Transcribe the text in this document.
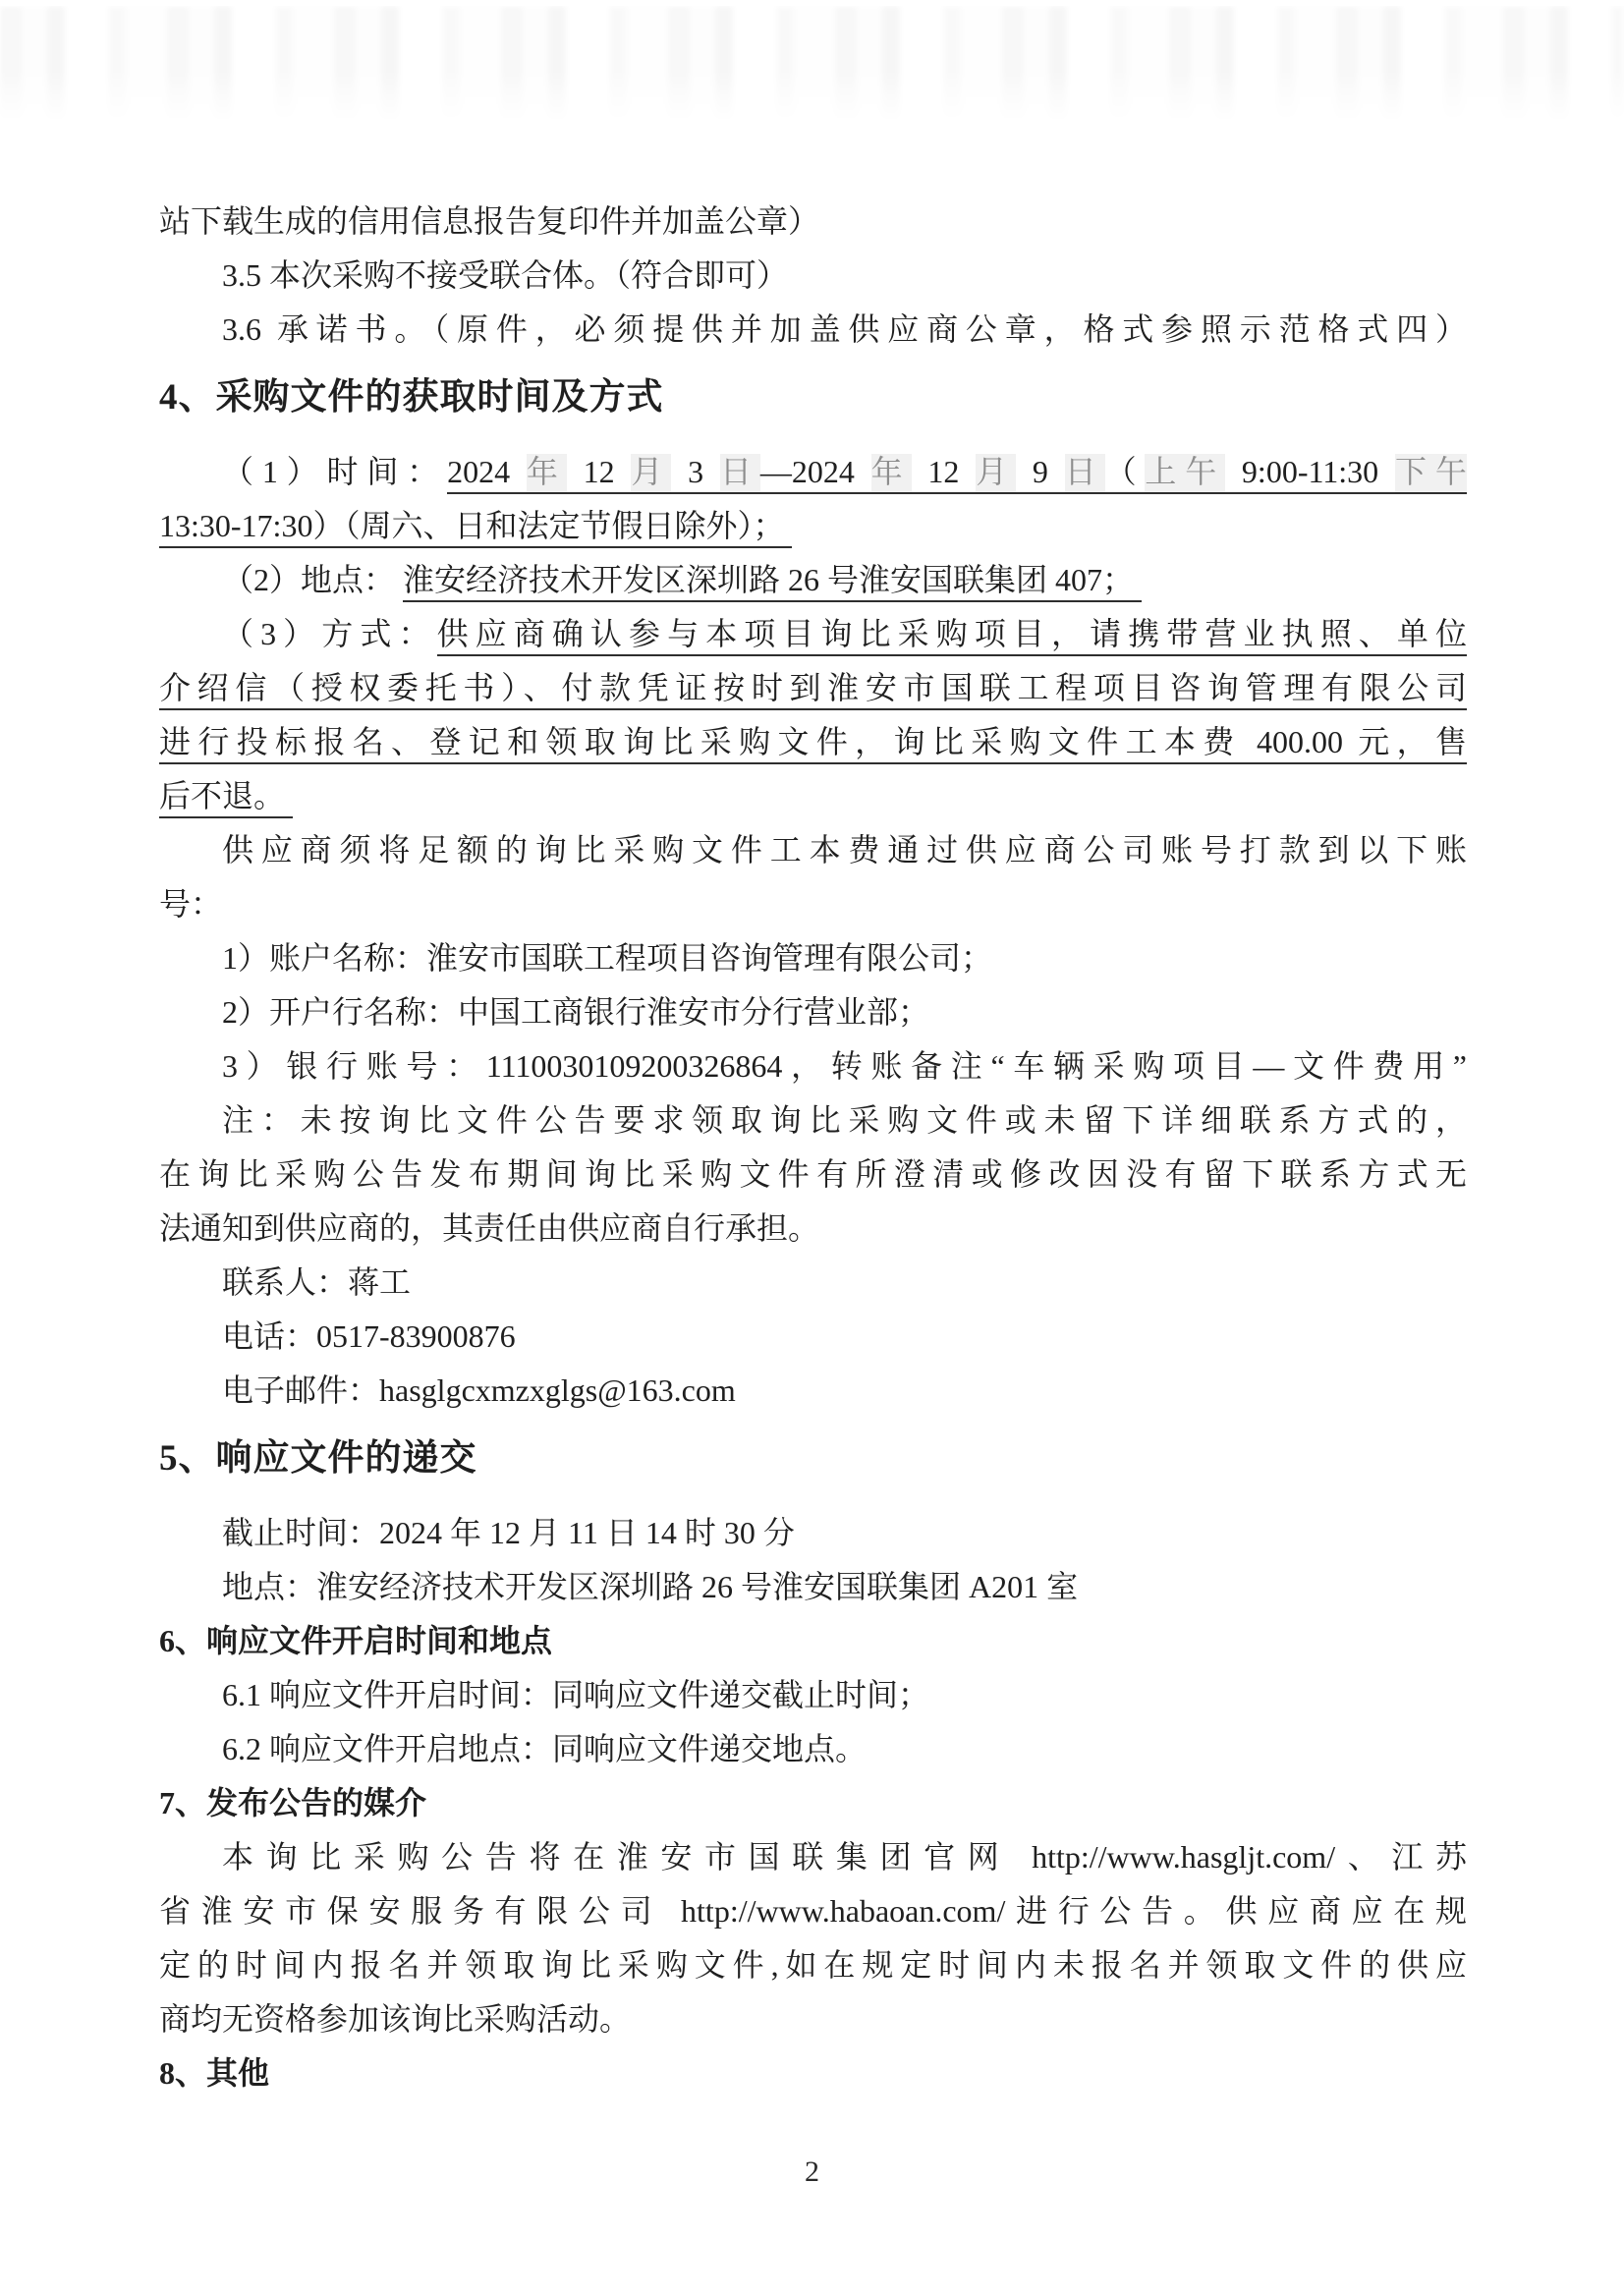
站下载生成的信用信息报告复印件并加盖公章）
3.5 本次采购不接受联合体。（符合即可）
3.6 承诺书。（原件，必须提供并加盖供应商公章，格式参照示范格式四）
4、采购文件的获取时间及方式
（1）时间：2024 年 12 月 3 日—2024 年 12 月 9 日（上午 9:00-11:30 下午
13:30-17:30）（周六、日和法定节假日除外）；
（2）地点： 淮安经济技术开发区深圳路 26 号淮安国联集团 407；
（3）方式：供应商确认参与本项目询比采购项目，请携带营业执照、单位
介绍信（授权委托书）、付款凭证按时到淮安市国联工程项目咨询管理有限公司
进行投标报名、登记和领取询比采购文件，询比采购文件工本费 400.00 元，售
后不退。
供应商须将足额的询比采购文件工本费通过供应商公司账号打款到以下账
号：
1）账户名称：淮安市国联工程项目咨询管理有限公司；
2）开户行名称：中国工商银行淮安市分行营业部；
3）银行账号：1110030109200326864，转账备注“车辆采购项目—文件费用”
注：未按询比文件公告要求领取询比采购文件或未留下详细联系方式的，
在询比采购公告发布期间询比采购文件有所澄清或修改因没有留下联系方式无
法通知到供应商的，其责任由供应商自行承担。
联系人：蒋工
电话：0517-83900876
电子邮件：hasglgcxmzxglgs@163.com
5、响应文件的递交
截止时间：2024 年 12 月 11 日 14 时 30 分
地点：淮安经济技术开发区深圳路 26 号淮安国联集团 A201 室
6、响应文件开启时间和地点
6.1 响应文件开启时间：同响应文件递交截止时间；
6.2 响应文件开启地点：同响应文件递交地点。
7、发布公告的媒介
本询比采购公告将在淮安市国联集团官网 http://www.hasgljt.com/、江苏
省淮安市保安服务有限公司 http://www.habaoan.com/进行公告。供应商应在规
定的时间内报名并领取询比采购文件,如在规定时间内未报名并领取文件的供应
商均无资格参加该询比采购活动。
8、其他
2
